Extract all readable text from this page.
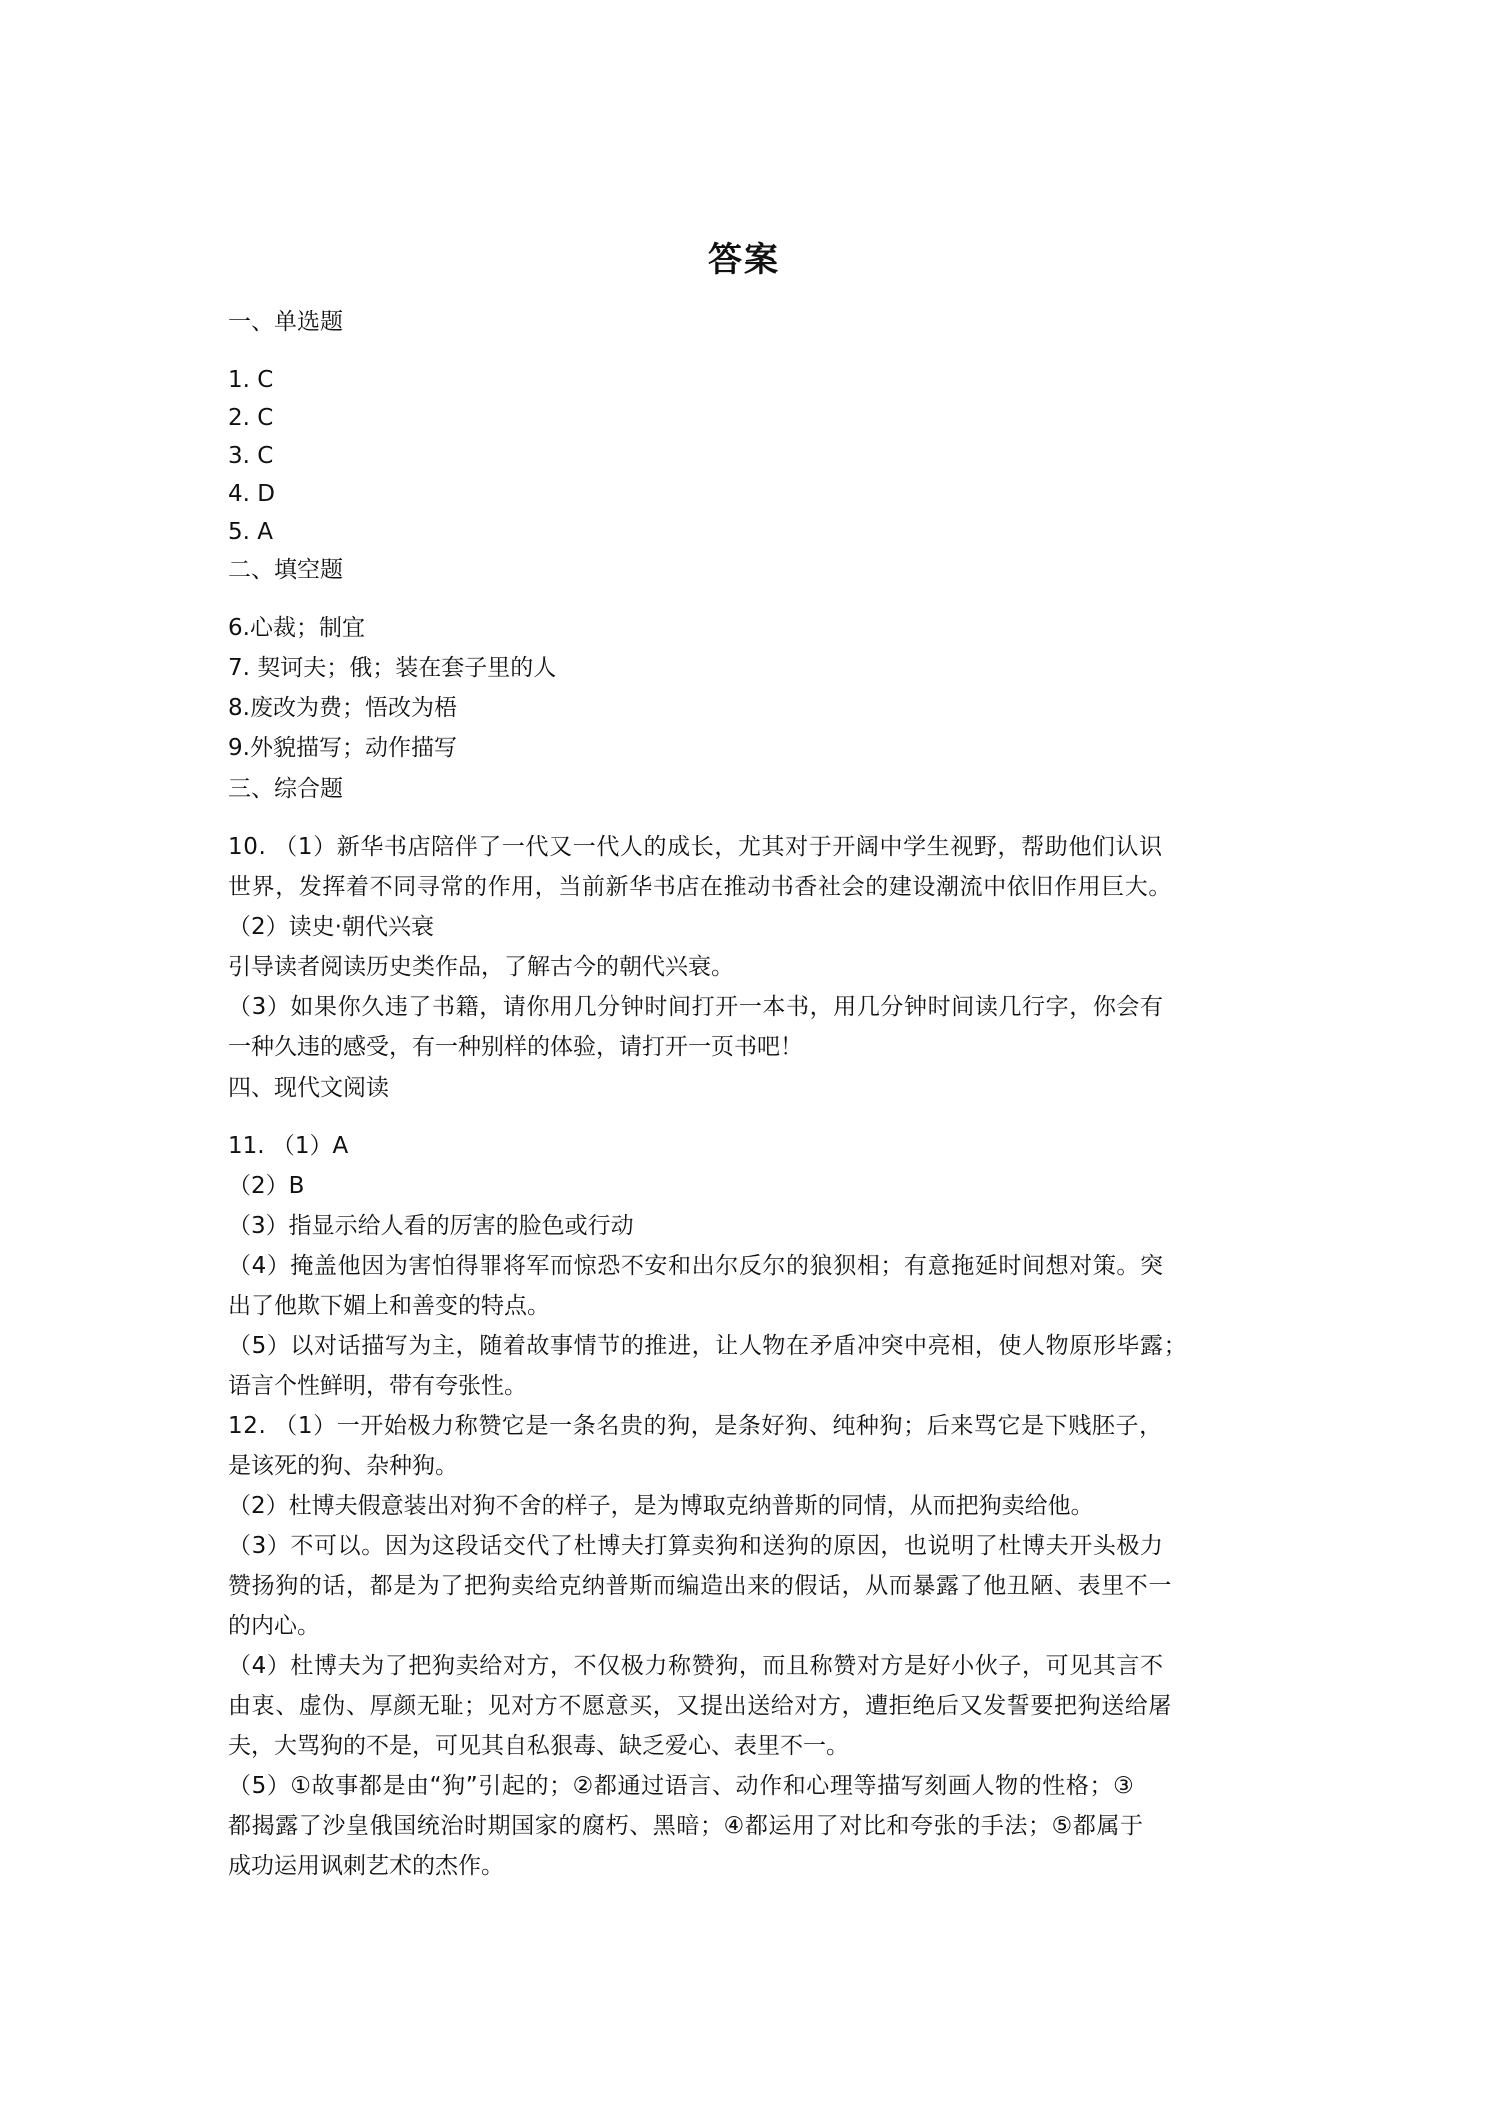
答案
一、单选题
1. C
2. C
3. C
4. D
5. A
二、填空题
6.心裁；制宜
7. 契诃夫；俄；装在套子里的人
8.废改为费；悟改为梧
9.外貌描写；动作描写
三、综合题
10. （1）新华书店陪伴了一代又一代人的成长，尤其对于开阔中学生视野，帮助他们认识
世界，发挥着不同寻常的作用，当前新华书店在推动书香社会的建设潮流中依旧作用巨大。
（2）读史·朝代兴衰
引导读者阅读历史类作品，了解古今的朝代兴衰。
（3）如果你久违了书籍，请你用几分钟时间打开一本书，用几分钟时间读几行字，你会有
一种久违的感受，有一种别样的体验，请打开一页书吧！
四、现代文阅读
11. （1）A
（2）B
（3）指显示给人看的厉害的脸色或行动
（4）掩盖他因为害怕得罪将军而惊恐不安和出尔反尔的狼狈相；有意拖延时间想对策。突
出了他欺下媚上和善变的特点。
（5）以对话描写为主，随着故事情节的推进，让人物在矛盾冲突中亮相，使人物原形毕露；
语言个性鲜明，带有夸张性。
12. （1）一开始极力称赞它是一条名贵的狗，是条好狗、纯种狗；后来骂它是下贱胚子，
是该死的狗、杂种狗。
（2）杜博夫假意装出对狗不舍的样子，是为博取克纳普斯的同情，从而把狗卖给他。
（3）不可以。因为这段话交代了杜博夫打算卖狗和送狗的原因，也说明了杜博夫开头极力
赞扬狗的话，都是为了把狗卖给克纳普斯而编造出来的假话，从而暴露了他丑陋、表里不一
的内心。
（4）杜博夫为了把狗卖给对方，不仅极力称赞狗，而且称赞对方是好小伙子，可见其言不
由衷、虚伪、厚颜无耻；见对方不愿意买，又提出送给对方，遭拒绝后又发誓要把狗送给屠
夫，大骂狗的不是，可见其自私狠毒、缺乏爱心、表里不一。
（5）①故事都是由“狗”引起的；②都通过语言、动作和心理等描写刻画人物的性格；③
都揭露了沙皇俄国统治时期国家的腐朽、黑暗；④都运用了对比和夸张的手法；⑤都属于
成功运用讽刺艺术的杰作。
